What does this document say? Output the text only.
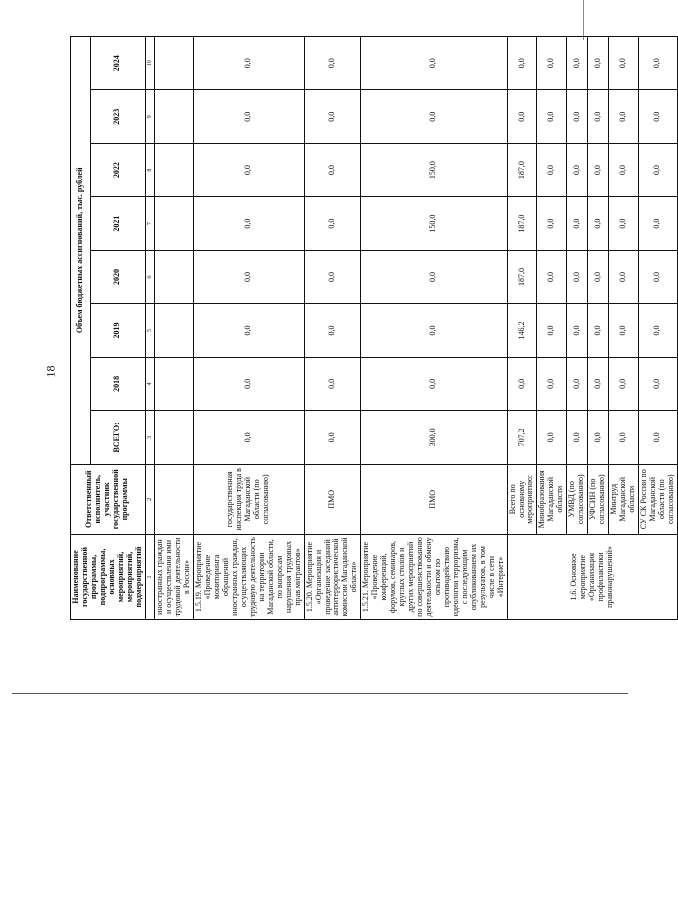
18
Наименование государственной программы, подпрограммы, основных мероприятий, мероприятий, подмероприятий	Ответственный исполнитель, участник государственной программы	Объем бюджетных ассигнований, тыс. рублей							
		ВСЕГО:	2018	2019	2020	2021	2022	2023	2024
1	2	3	4	5	6	7	8	9	10
иностранных граждан и осуществления ими трудовой деятельности в России»									
1.5.19. Мероприятие «Проведение мониторинга обращений иностранных граждан, осуществляющих трудовую деятельность на территории Магаданской области, по вопросам нарушения трудовых прав мигрантов»	государственная инспекция труда в Магаданской области (по согласованию)	0,0	0,0	0,0	0,0	0,0	0,0	0,0	0,0
1.5.20. Мероприятие «Организация и проведение заседаний антитеррористической комиссии Магаданской области»	ПМО	0,0	0,0	0,0	0,0	0,0	0,0	0,0	0,0
1.5.21. Мероприятие «Проведение конференций, форумов, семинаров, круглых столов и других мероприятий по совершенствованию деятельности и обмену опытом по противодействию идеологии терроризма, с последующим опубликованием их результатов, в том числе в сети «Интернет»	ПМО	300,0	0,0	0,0	0,0	150,0	150,0	0,0	0,0
1.6. Основное мероприятие «Организация профилактики правонарушений»	Всего по основному мероприятию:	707,2	0,0	146,2	187,0	187,0	187,0	0,0	0,0
	Минобразования Магаданской области	0,0	0,0	0,0	0,0	0,0	0,0	0,0	0,0
	УМВД (по согласованию)	0,0	0,0	0,0	0,0	0,0	0,0	0,0	0,0
	УФСИН (по согласованию)	0,0	0,0	0,0	0,0	0,0	0,0	0,0	0,0
	Минтруд Магаданской области	0,0	0,0	0,0	0,0	0,0	0,0	0,0	0,0
	СУ СК России по Магаданской области (по согласованию)	0,0	0,0	0,0	0,0	0,0	0,0	0,0	0,0
